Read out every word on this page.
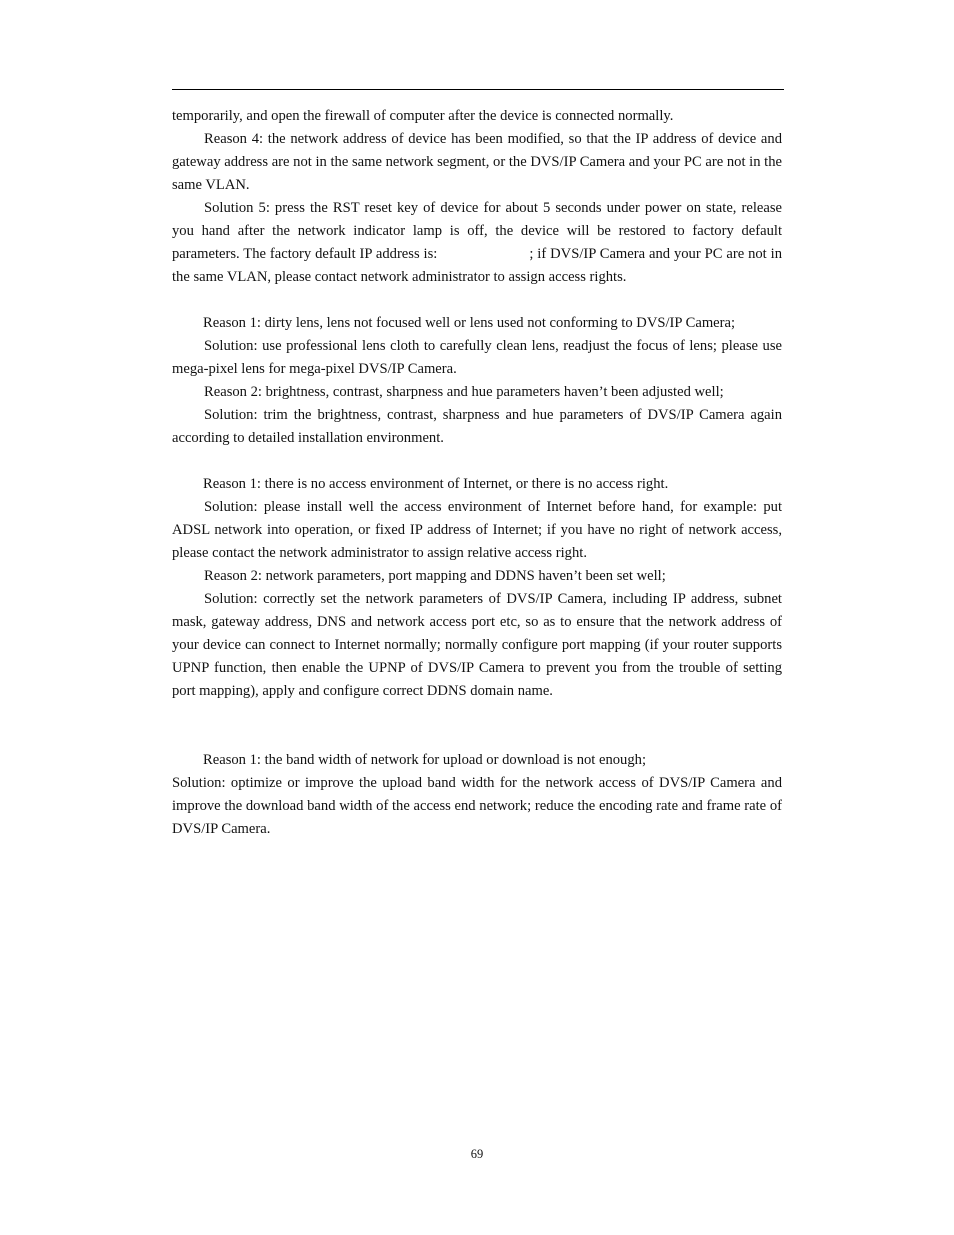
temporarily, and open the firewall of computer after the device is connected normally.

Reason 4: the network address of device has been modified, so that the IP address of device and gateway address are not in the same network segment, or the DVS/IP Camera and your PC are not in the same VLAN.

Solution 5: press the RST reset key of device for about 5 seconds under power on state, release you hand after the network indicator lamp is off, the device will be restored to factory default parameters. The factory default IP address is:	; if DVS/IP Camera and your PC are not in the same VLAN, please contact network administrator to assign access rights.

Reason 1: dirty lens, lens not focused well or lens used not conforming to DVS/IP Camera;

Solution: use professional lens cloth to carefully clean lens, readjust the focus of lens; please use mega-pixel lens for mega-pixel DVS/IP Camera.

Reason 2: brightness, contrast, sharpness and hue parameters haven’t been adjusted well;

Solution: trim the brightness, contrast, sharpness and hue parameters of DVS/IP Camera again according to detailed installation environment.

Reason 1: there is no access environment of Internet, or there is no access right.

Solution: please install well the access environment of Internet before hand, for example: put ADSL network into operation, or fixed IP address of Internet; if you have no right of network access, please contact the network administrator to assign relative access right.

Reason 2: network parameters, port mapping and DDNS haven’t been set well;

Solution: correctly set the network parameters of DVS/IP Camera, including IP address, subnet mask, gateway address, DNS and network access port etc, so as to ensure that the network address of your device can connect to Internet normally; normally configure port mapping (if your router supports UPNP function, then enable the UPNP of DVS/IP Camera to prevent you from the trouble of setting port mapping), apply and configure correct DDNS domain name.

Reason 1: the band width of network for upload or download is not enough;

Solution: optimize or improve the upload band width for the network access of DVS/IP Camera and improve the download band width of the access end network; reduce the encoding rate and frame rate of DVS/IP Camera.

69
